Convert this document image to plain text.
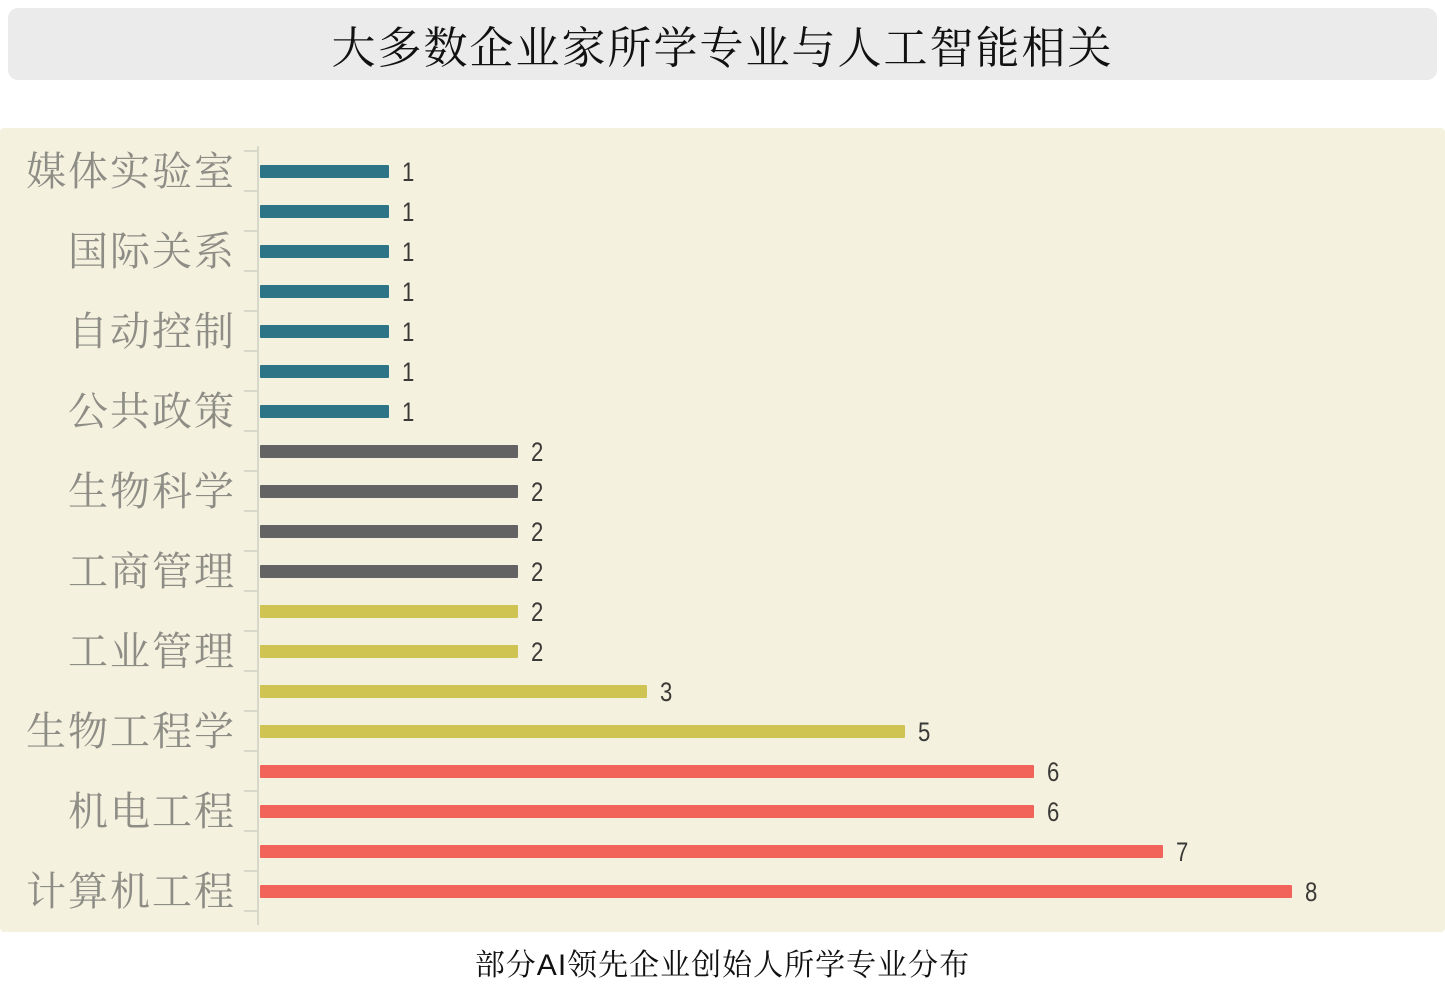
大多数企业家所学专业与人工智能相关
1
1
1
1
1
1
1
2
2
2
2
2
2
3
5
6
6
7
8
媒体实验室
国际关系
自动控制
公共政策
生物科学
工商管理
工业管理
生物工程学
机电工程
计算机工程
部分AI领先企业创始人所学专业分布
